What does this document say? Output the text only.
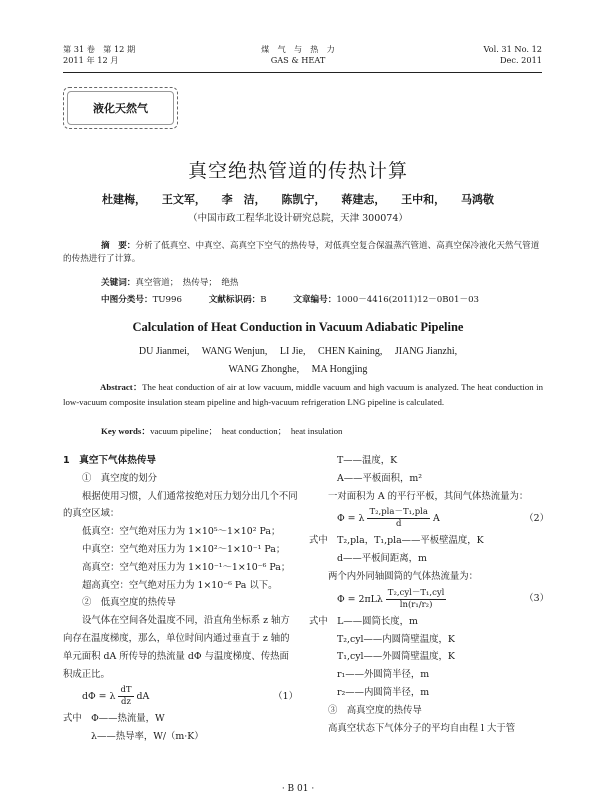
第 31 卷　第 12 期
2011 年 12 月
煤　气　与　热　力
GAS & HEAT
Vol. 31 No. 12
Dec. 2011
液化天然气
真空绝热管道的传热计算
杜建梅， 王文军， 李　洁， 陈凯宁， 蒋建志， 王中和， 马鸿敬
（中国市政工程华北设计研究总院，天津 300074）
摘　要：分析了低真空、中真空、高真空下空气的热传导，对低真空复合保温蒸汽管道、高真空保冷液化天然气管道的传热进行了计算。
关键词：真空管道；　热传导；　绝热
中图分类号：TU996	文献标识码：B	文章编号：1000－4416(2011)12－0B01－03
Calculation of Heat Conduction in Vacuum Adiabatic Pipeline
DU Jianmei,　 WANG Wenjun,　 LI Jie,　 CHEN Kaining,　 JIANG Jianzhi,
WANG Zhonghe,　 MA Hongjing
Abstract：The heat conduction of air at low vacuum, middle vacuum and high vacuum is analyzed. The heat conduction in low-vacuum composite insulation steam pipeline and high-vacuum refrigeration LNG pipeline is calculated.
Key words：vacuum pipeline；　heat conduction；　heat insulation

1　真空下气体热传导

①　真空度的划分

根据使用习惯，人们通常按绝对压力划分出几个不同的真空区域：

低真空：空气绝对压力为 1×10⁵～1×10² Pa；

中真空：空气绝对压力为 1×10²～1×10⁻¹ Pa；

高真空：空气绝对压力为 1×10⁻¹～1×10⁻⁶ Pa；

超高真空：空气绝对压力为 1×10⁻⁶ Pa 以下。

②　低真空度的热传导

设气体在空间各处温度不同，沿直角坐标系 z 轴方向存在温度梯度，那么，单位时间内通过垂直于 z 轴的单元面积 dA 所传导的热流量 dΦ 与温度梯度、传热面积成正比。

dΦ = λ $\frac{dT}{dz}$ dA	（1）

式中　Φ——热流量，W

λ——热导率，W/（m·K）

T——温度，K

A——平板面积，m²

一对面积为 A 的平行平板，其间气体热流量为：

Φ = λ $\frac{\text{T₂,pla－T₁,pla}}{d}$ A	（2）

式中　T₂,pla，T₁,pla——平板壁温度，K

d——平板间距离，m

两个内外同轴圆筒的气体热流量为：

$\Phi = 2\pi L\lambda \frac{\text{T₂,cyl－T₁,cyl}}{\text{ln(r₁/r₂)}}$	（3）

式中　L——圆筒长度，m

T₂,cyl——内圆筒壁温度，K

T₁,cyl——外圆筒壁温度，K

r₁——外圆筒半径，m

r₂——内圆筒半径，m

③　高真空度的热传导

高真空状态下气体分子的平均自由程 l 大于管

· B 01 ·
